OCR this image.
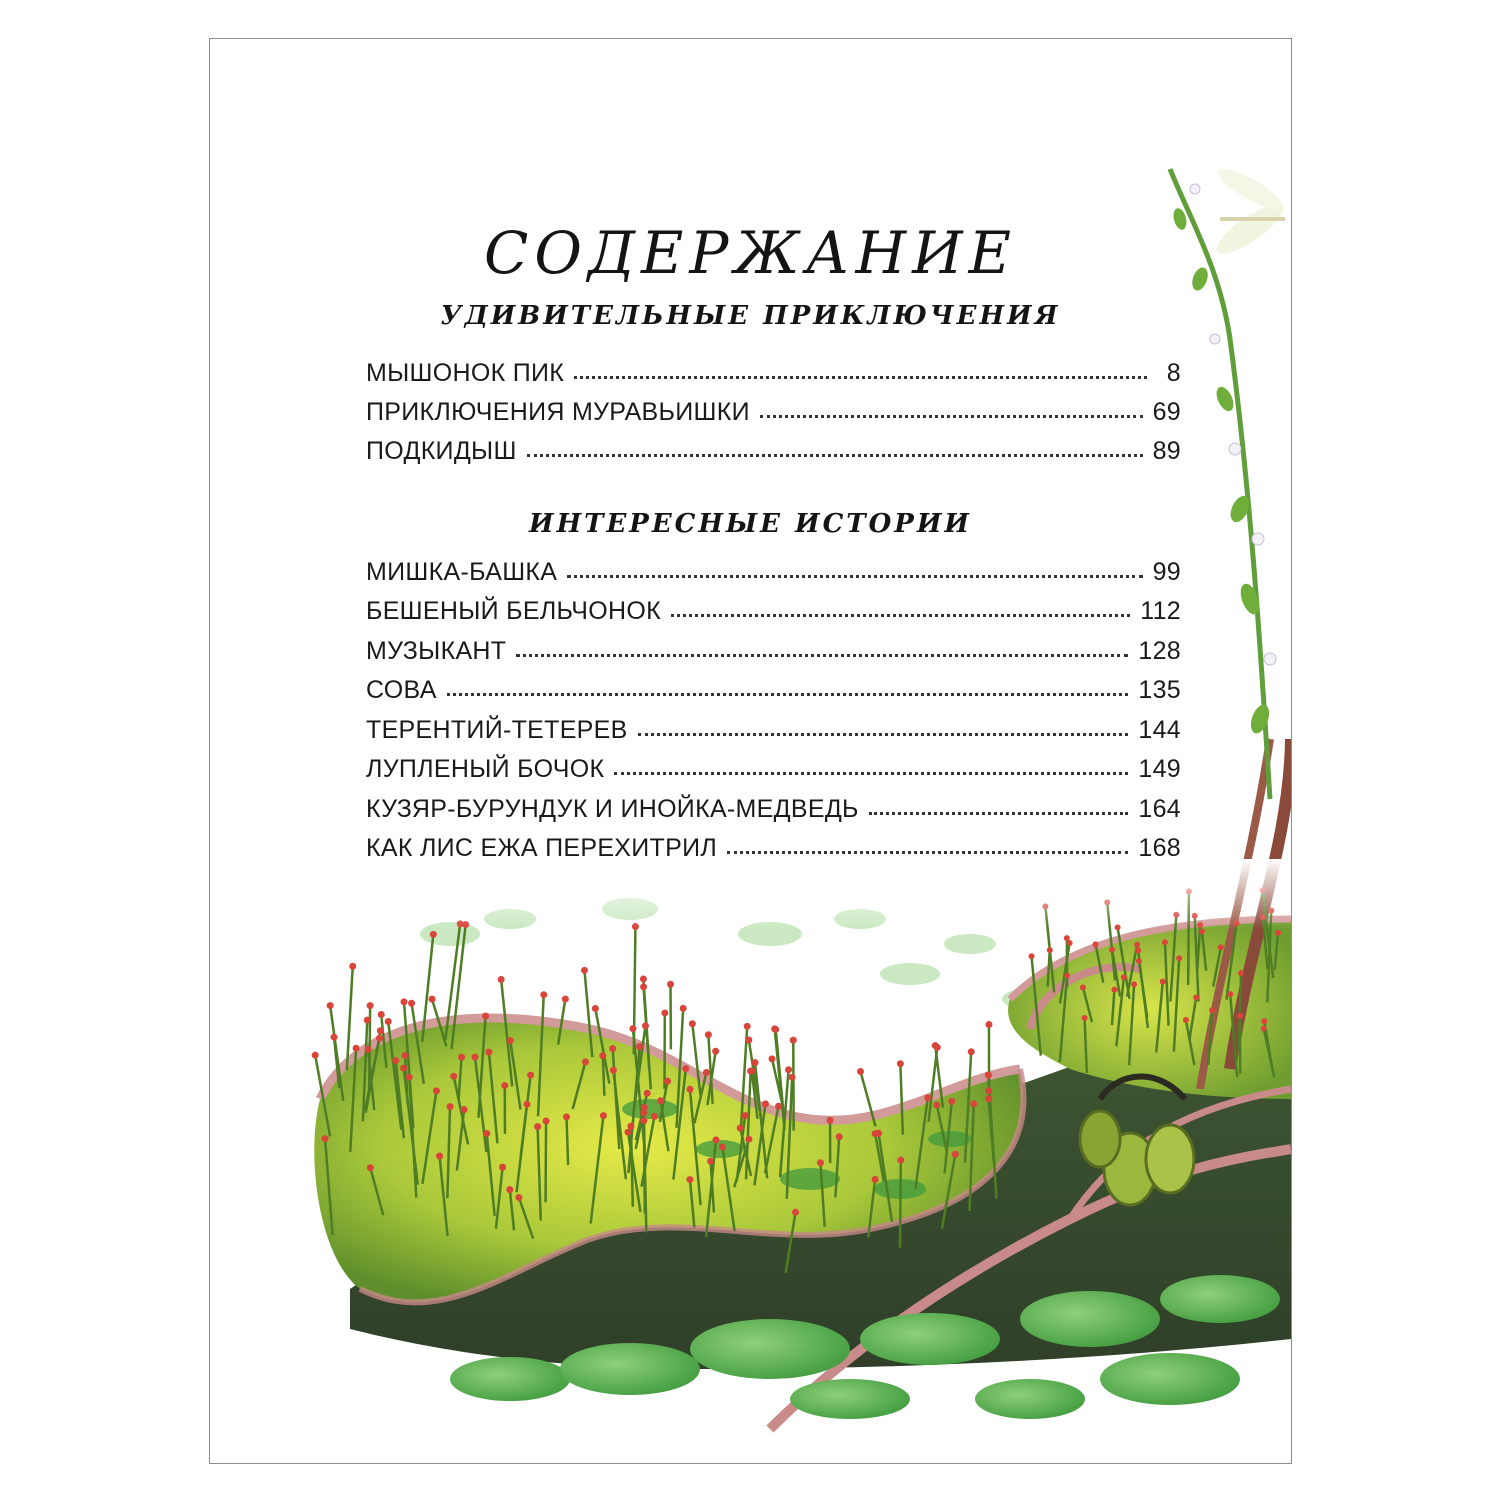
СОДЕРЖАНИЕ
УДИВИТЕЛЬНЫЕ ПРИКЛЮЧЕНИЯ
МЫШОНОК ПИК	8
ПРИКЛЮЧЕНИЯ МУРАВЬИШКИ	69
ПОДКИДЫШ	89
ИНТЕРЕСНЫЕ ИСТОРИИ
МИШКА-БАШКА	99
БЕШЕНЫЙ БЕЛЬЧОНОК	112
МУЗЫКАНТ	128
СОВА	135
ТЕРЕНТИЙ-ТЕТЕРЕВ	144
ЛУПЛЕНЫЙ БОЧОК	149
КУЗЯР-БУРУНДУК И ИНОЙКА-МЕДВЕДЬ	164
КАК ЛИС ЕЖА ПЕРЕХИТРИЛ	168
